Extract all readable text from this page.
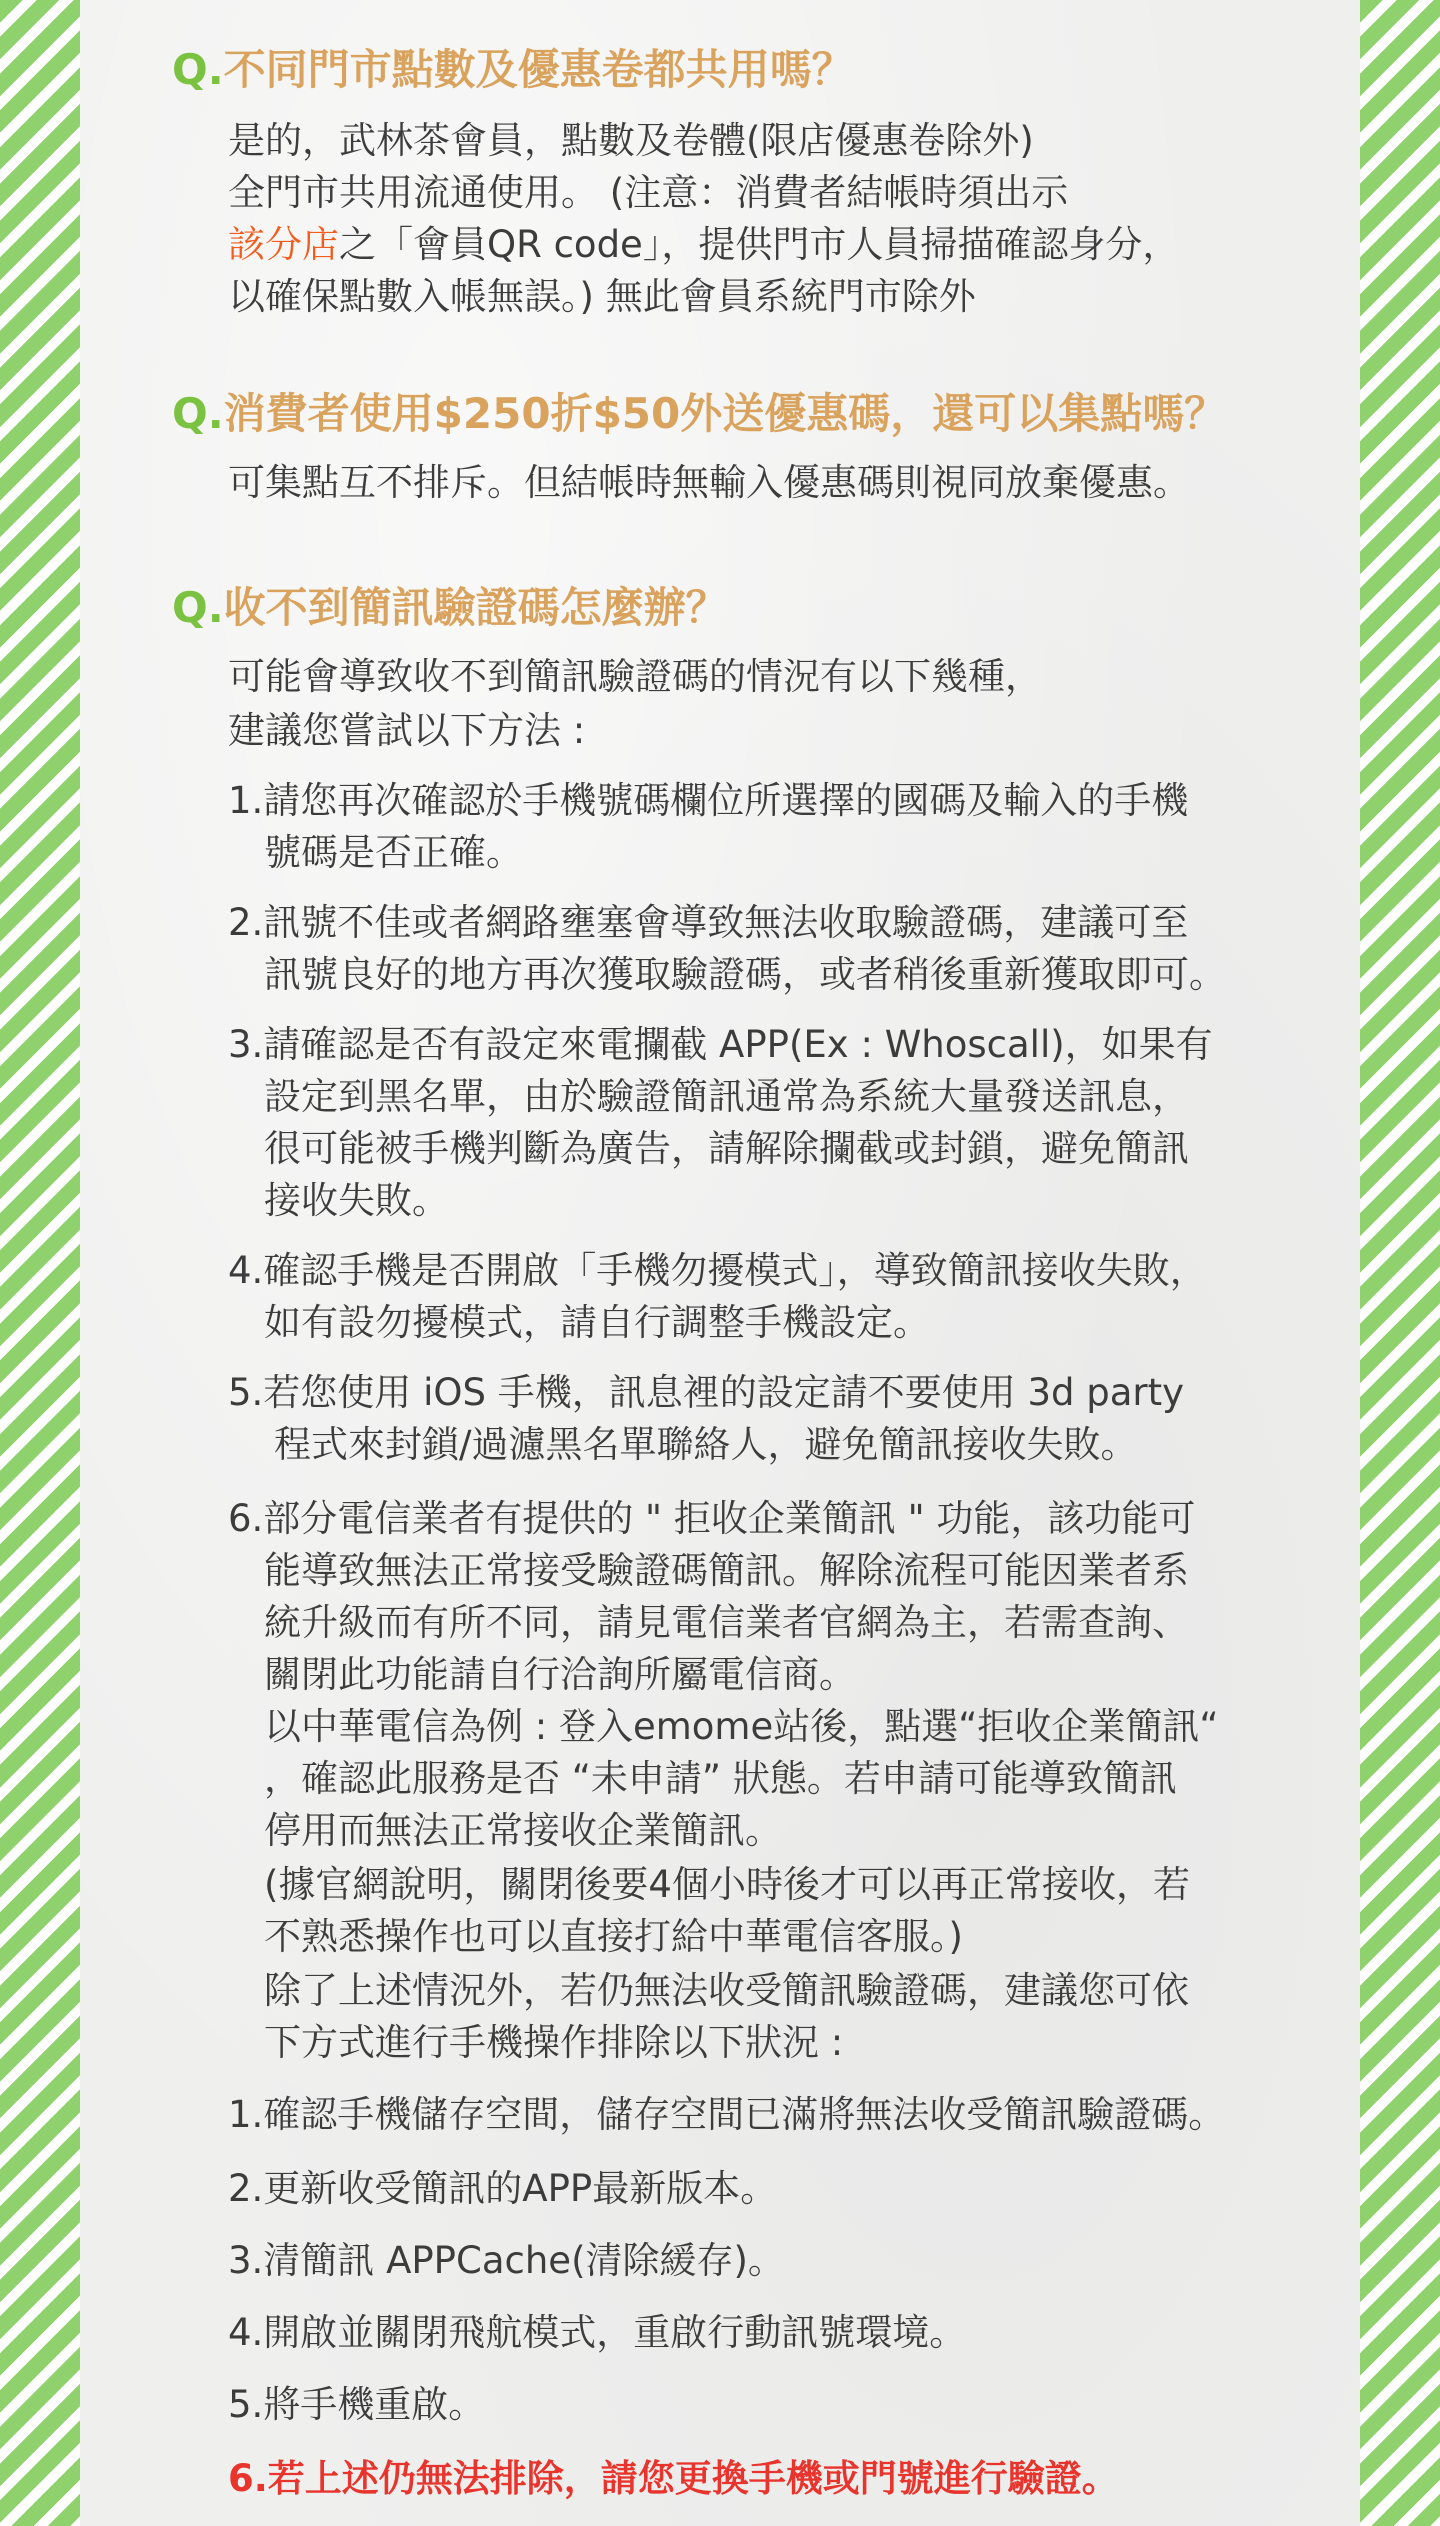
Q.不同門市點數及優惠卷都共用嗎？
是的，武林茶會員，點數及卷體(限店優惠卷除外)
全門市共用流通使用。 (注意：消費者結帳時須出示
該分店之「會員QR code」，提供門市人員掃描確認身分，
以確保點數入帳無誤。) 無此會員系統門市除外
Q.消費者使用$250折$50外送優惠碼，還可以集點嗎？
可集點互不排斥。但結帳時無輸入優惠碼則視同放棄優惠。
Q.收不到簡訊驗證碼怎麼辦？
可能會導致收不到簡訊驗證碼的情況有以下幾種，
建議您嘗試以下方法 :
1.請您再次確認於手機號碼欄位所選擇的國碼及輸入的手機
號碼是否正確。
2.訊號不佳或者網路壅塞會導致無法收取驗證碼，建議可至
訊號良好的地方再次獲取驗證碼，或者稍後重新獲取即可。
3.請確認是否有設定來電攔截 APP(Ex : Whoscall)，如果有
設定到黑名單，由於驗證簡訊通常為系統大量發送訊息，
很可能被手機判斷為廣告，請解除攔截或封鎖，避免簡訊
接收失敗。
4.確認手機是否開啟「手機勿擾模式」，導致簡訊接收失敗，
如有設勿擾模式，請自行調整手機設定。
5.若您使用 iOS 手機，訊息裡的設定請不要使用 3d party
程式來封鎖/過濾黑名單聯絡人，避免簡訊接收失敗。
6.部分電信業者有提供的 " 拒收企業簡訊 " 功能，該功能可
能導致無法正常接受驗證碼簡訊。解除流程可能因業者系
統升級而有所不同，請見電信業者官網為主，若需查詢、
關閉此功能請自行洽詢所屬電信商。
以中華電信為例 : 登入emome站後，點選“拒收企業簡訊“
，確認此服務是否 “未申請” 狀態。若申請可能導致簡訊
停用而無法正常接收企業簡訊。
(據官網說明，關閉後要4個小時後才可以再正常接收，若
不熟悉操作也可以直接打給中華電信客服。)
除了上述情況外，若仍無法收受簡訊驗證碼，建議您可依
下方式進行手機操作排除以下狀況 :
1.確認手機儲存空間，儲存空間已滿將無法收受簡訊驗證碼。
2.更新收受簡訊的APP最新版本。
3.清簡訊 APPCache(清除緩存)。
4.開啟並關閉飛航模式，重啟行動訊號環境。
5.將手機重啟。
6.若上述仍無法排除，請您更換手機或門號進行驗證。
